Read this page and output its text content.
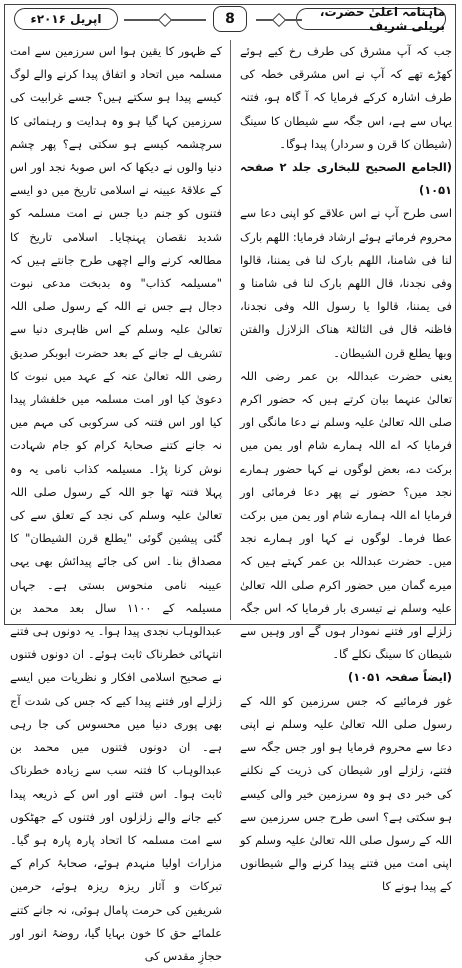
ماہنامہ اعلیٰ حضرت، بریلی شریف
8
اپریل ۲۰۱۶ء

جب کہ آپ مشرق کی طرف رخ کیے ہوئے کھڑے تھے کہ آپ نے اس مشرقی خطہ کی طرف اشارہ کرکے فرمایا کہ آ گاہ ہو، فتنہ یہاں سے ہے، اس جگہ سے شیطان کا سینگ (شیطان کا قرن و سردار) پیدا ہوگا۔

(الجامع الصحیح للبخاری جلد ۲ صفحہ ۱۰۵۱)

اسی طرح آپ نے اس علاقے کو اپنی دعا سے محروم فرماتے ہوئے ارشاد فرمایا: اللھم بارک لنا فی شامنا، اللھم بارک لنا فی یمننا، قالوا وفی نجدنا، قال اللھم بارک لنا فی شامنا و فی یمننا، قالوا یا رسول اللہ وفی نجدنا، فاظنہ قال فی الثالثۃ ھناک الزلازل والفتن وبھا یطلع قرن الشیطان۔

یعنی حضرت عبداللہ بن عمر رضی اللہ تعالیٰ عنہما بیان کرتے ہیں کہ حضور اکرم صلی اللہ تعالیٰ علیہ وسلم نے دعا مانگی اور فرمایا کہ اے اللہ ہمارے شام اور یمن میں برکت دے، بعض لوگوں نے کہا حضور ہمارے نجد میں؟ حضور نے پھر دعا فرمائی اور فرمایا اے اللہ ہمارے شام اور یمن میں برکت عطا فرما۔ لوگوں نے کہا اور ہمارے نجد میں۔ حضرت عبداللہ بن عمر کہتے ہیں کہ میرے گمان میں حضور اکرم صلی اللہ تعالیٰ علیہ وسلم نے تیسری بار فرمایا کہ اس جگہ زلزلے اور فتنے نمودار ہوں گے اور وہیں سے شیطان کا سینگ نکلے گا۔

(ایضاً صفحہ ۱۰۵۱)

غور فرمائیے کہ جس سرزمین کو اللہ کے رسول صلی اللہ تعالیٰ علیہ وسلم نے اپنی دعا سے محروم فرمایا ہو اور جس جگہ سے فتنے، زلزلے اور شیطان کی ذریت کے نکلنے کی خبر دی ہو وہ سرزمین خیر والی کیسے ہو سکتی ہے؟ اسی طرح جس سرزمین سے اللہ کے رسول صلی اللہ تعالیٰ علیہ وسلم کو اپنی امت میں فتنے پیدا کرنے والے شیطانوں کے پیدا ہونے کا

کے ظہور کا یقین ہوا اس سرزمین سے امت مسلمہ میں اتحاد و اتفاق پیدا کرنے والے لوگ کیسے پیدا ہو سکتے ہیں؟ جسے غرابیت کی سرزمین کہا گیا ہو وہ ہدایت و رہنمائی کا سرچشمہ کیسے ہو سکتی ہے؟ پھر چشم دنیا والوں نے دیکھا کہ اس صوبۂ نجد اور اس کے علاقۂ عیینہ نے اسلامی تاریخ میں دو ایسے فتنوں کو جنم دیا جس نے امت مسلمہ کو شدید نقصان پہنچایا۔ اسلامی تاریخ کا مطالعہ کرنے والے اچھی طرح جانتے ہیں کہ "مسیلمہ کذاب" وہ بدبخت مدعی نبوت دجال ہے جس نے اللہ کے رسول صلی اللہ تعالیٰ علیہ وسلم کے اس ظاہری دنیا سے تشریف لے جانے کے بعد حضرت ابوبکر صدیق رضی اللہ تعالیٰ عنہ کے عہد میں نبوت کا دعویٰ کیا اور امت مسلمہ میں خلفشار پیدا کیا اور اس فتنہ کی سرکوبی کی مہم میں نہ جانے کتنے صحابۂ کرام کو جام شہادت نوش کرنا پڑا۔ مسیلمہ کذاب نامی یہ وہ پہلا فتنہ تھا جو اللہ کے رسول صلی اللہ تعالیٰ علیہ وسلم کی نجد کے تعلق سے کی گئی پیشین گوئی "یطلع قرن الشیطان" کا مصداق بنا۔ اس کی جائے پیدائش بھی یہی عیینہ نامی منحوس بستی ہے۔ جہاں مسیلمہ کے ۱۱۰۰ سال بعد محمد بن عبدالوہاب نجدی پیدا ہوا۔ یہ دونوں ہی فتنے انتہائی خطرناک ثابت ہوئے۔ ان دونوں فتنوں نے صحیح اسلامی افکار و نظریات میں ایسے زلزلے اور فتنے پیدا کیے کہ جس کی شدت آج بھی پوری دنیا میں محسوس کی جا رہی ہے۔ ان دونوں فتنوں میں محمد بن عبدالوہاب کا فتنہ سب سے زیادہ خطرناک ثابت ہوا۔ اس فتنے اور اس کے ذریعہ پیدا کیے جانے والے زلزلوں اور فتنوں کے جھٹکوں سے امت مسلمہ کا اتحاد پارہ پارہ ہو گیا۔ مزارات اولیا منہدم ہوئے، صحابۂ کرام کے تبرکات و آثار ریزہ ریزہ ہوئے، حرمین شریفین کی حرمت پامال ہوئی، نہ جانے کتنے علمائے حق کا خون بہایا گیا، روضۂ انور اور حجازِ مقدس کی
